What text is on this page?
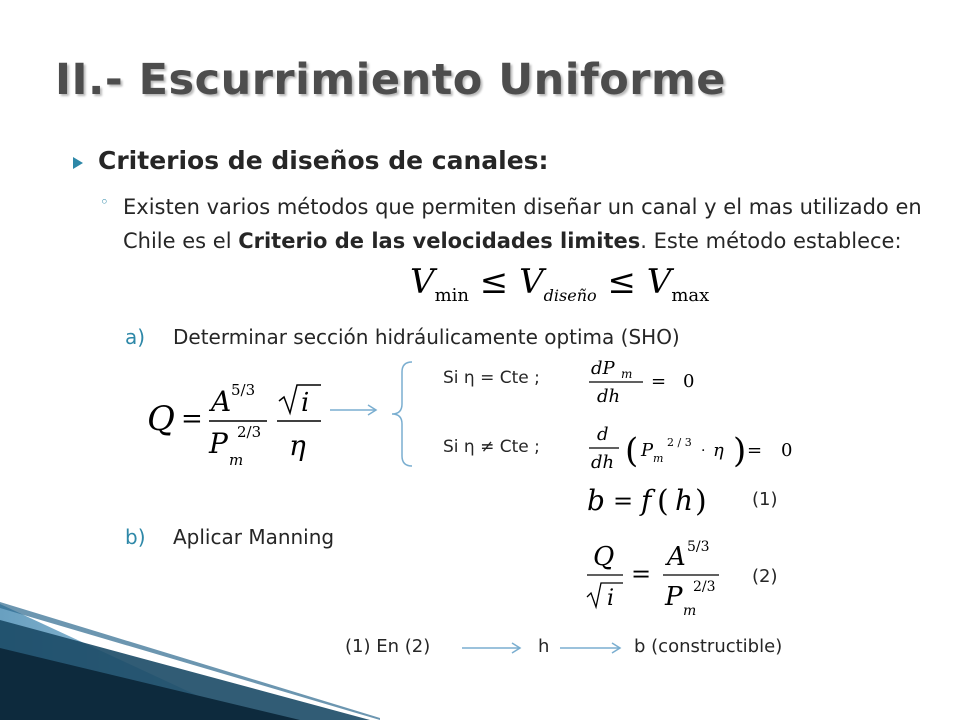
II.- Escurrimiento Uniforme
Criterios de diseños de canales:
◦ Existen varios métodos que permiten diseñar un canal y el mas utilizado en Chile es el Criterio de las velocidades limites. Este método establece:
$V_{min} \le V_{diseño} \le V_{max}$
a) Determinar sección hidráulicamente optima (SHO)
Q =
A 5/3
P m
2/3
i
η
Si η = Cte ;	dP m
dh
= 0
Si η ≠ Cte ;
d
dh ( P m
2 / 3
· η ) = 0
b = f ( h )	(1)
b) Aplicar Manning
Q
i
=
A 5/3
P m
2/3 (2)
(1) En (2)	h	b (constructible)
